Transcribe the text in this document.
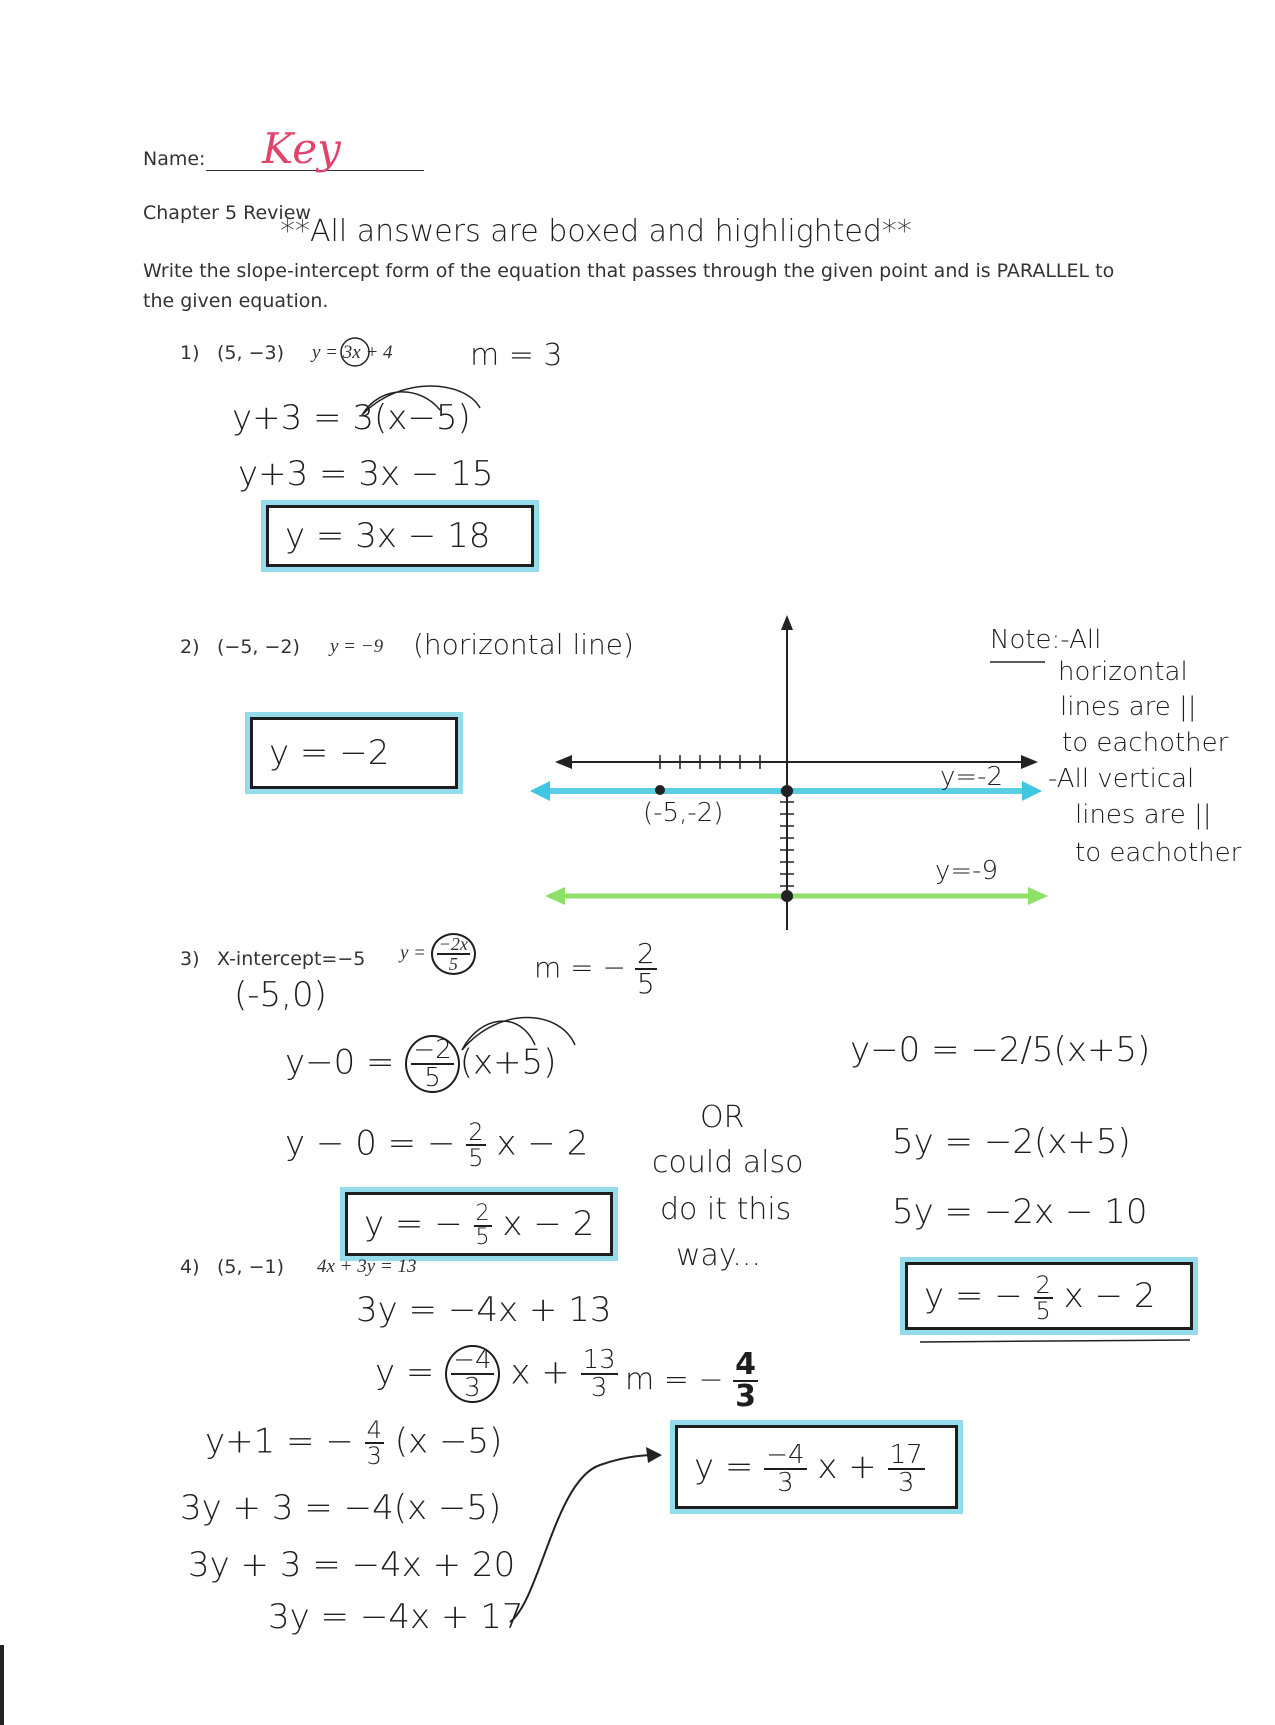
Name: Key
Chapter 5 Review
**All answers are boxed and highlighted**
Write the slope-intercept form of the equation that passes through the given point and is PARALLEL to the given equation.
1) (5, −3) y = 3x + 4	m = 3
y+3 = 3(x−5)
y+3 = 3x − 15
y = 3x − 18
2) (−5, −2) y = −9 (horizontal line)
y = −2
(-5,-2)
y=-2
y=-9
Note:-All
horizontal
lines are ||
to eachother
-All vertical
lines are ||
to eachother
3) X-intercept=−5 $y = \frac{-2x}{5}$ m = − $\frac{2}{5}$
(-5,0)
$y-0 = \frac{-2}{5} (x+5)$
y − 0 = − $\frac{2}{5}$ x − 2
y = − $\frac{2}{5}$ x − 2
OR
could also
do it this
way...
y−0 = −2/5(x+5)
5y = −2(x+5)
5y = −2x − 10
y = − $\frac{2}{5}$ x − 2
4) (5, −1) 4x + 3y = 13
3y = −4x + 13
$y = \frac{-4}{3}$ $x + \frac{13}{3}$ m = − $\frac{4}{3}$
y+1 = − $\frac{4}{3} (x -5)$
3y + 3 = −4(x −5)
3y + 3 = −4x + 20
3y = −4x + 17
$y = \frac{-4}{3}$ $x + \frac{17}{3}$
